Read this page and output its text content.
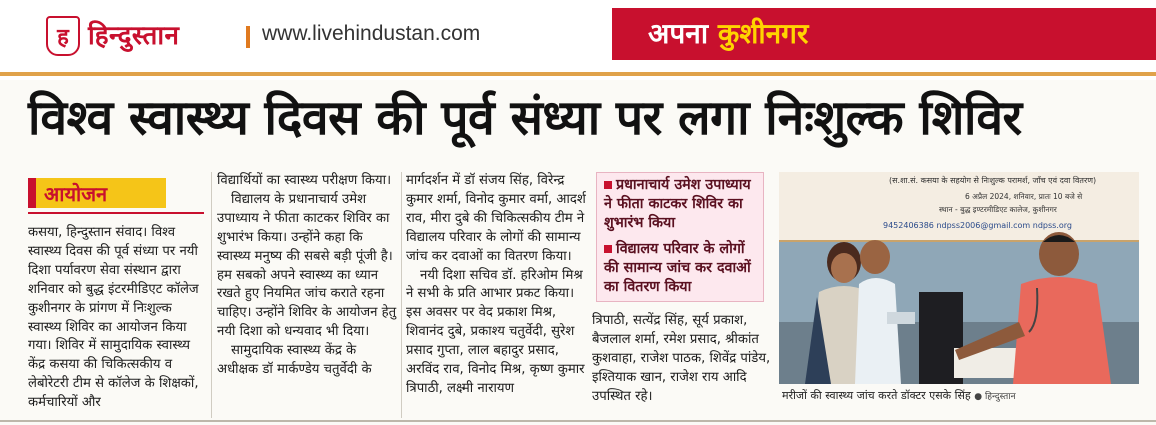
ह हिन्दुस्तान	www.livehindustan.com	अपना कुशीनगर
विश्व स्वास्थ्य दिवस की पूर्व संध्या पर लगा निःशुल्क शिविर
आयोजन

कसया, हिन्दुस्तान संवाद। विश्व स्वास्थ्य दिवस की पूर्व संध्या पर नयी दिशा पर्यावरण सेवा संस्थान द्वारा शनिवार को बुद्ध इंटरमीडिएट कॉलेज कुशीनगर के प्रांगण में निःशुल्क स्वास्थ्य शिविर का आयोजन किया गया। शिविर में सामुदायिक स्वास्थ्य केंद्र कसया की चिकित्सकीय व लेबोरेटरी टीम से कॉलेज के शिक्षकों, कर्मचारियों और

विद्यार्थियों का स्वास्थ्य परीक्षण किया।

विद्यालय के प्रधानाचार्य उमेश उपाध्याय ने फीता काटकर शिविर का शुभारंभ किया। उन्होंने कहा कि स्वास्थ्य मनुष्य की सबसे बड़ी पूंजी है। हम सबको अपने स्वास्थ्य का ध्यान रखते हुए नियमित जांच कराते रहना चाहिए। उन्होंने शिविर के आयोजन हेतु नयी दिशा को धन्यवाद भी दिया।

सामुदायिक स्वास्थ्य केंद्र के अधीक्षक डॉ मार्कण्डेय चतुर्वेदी के

मार्गदर्शन में डॉ संजय सिंह, विरेन्द्र कुमार शर्मा, विनोद कुमार वर्मा, आदर्श राव, मीरा दुबे की चिकित्सकीय टीम ने विद्यालय परिवार के लोगों की सामान्य जांच कर दवाओं का वितरण किया।

नयी दिशा सचिव डॉ. हरिओम मिश्र ने सभी के प्रति आभार प्रकट किया। इस अवसर पर वेद प्रकाश मिश्र, शिवानंद दुबे, प्रकाश्य चतुर्वेदी, सुरेश प्रसाद गुप्ता, लाल बहादुर प्रसाद, अरविंद राव, विनोद मिश्र, कृष्ण कुमार त्रिपाठी, लक्ष्मी नारायण

प्रधानाचार्य उमेश उपाध्याय ने फीता काटकर शिविर का शुभारंभ किया
विद्यालय परिवार के लोगों की सामान्य जांच कर दवाओं का वितरण किया

त्रिपाठी, सत्येंद्र सिंह, सूर्य प्रकाश, बैजलाल शर्मा, रमेश प्रसाद, श्रीकांत कुशवाहा, राजेश पाठक, शिवेंद्र पांडेय, इश्तियाक खान, राजेश राय आदि उपस्थित रहे।

(स.शा.सं. कसया के सहयोग से निःशुल्क परामर्श, जाँच एवं दवा वितरण)
6 अप्रैल 2024, शनिवार, प्रातः 10 बजे से
स्थान - बुद्ध इण्टरमीडिएट कालेज, कुशीनगर
9452406386 ndpss2006@gmail.com ndpss.org
मरीजों की स्वास्थ्य जांच करते डॉक्टर एसके सिंह ● हिन्दुस्तान
